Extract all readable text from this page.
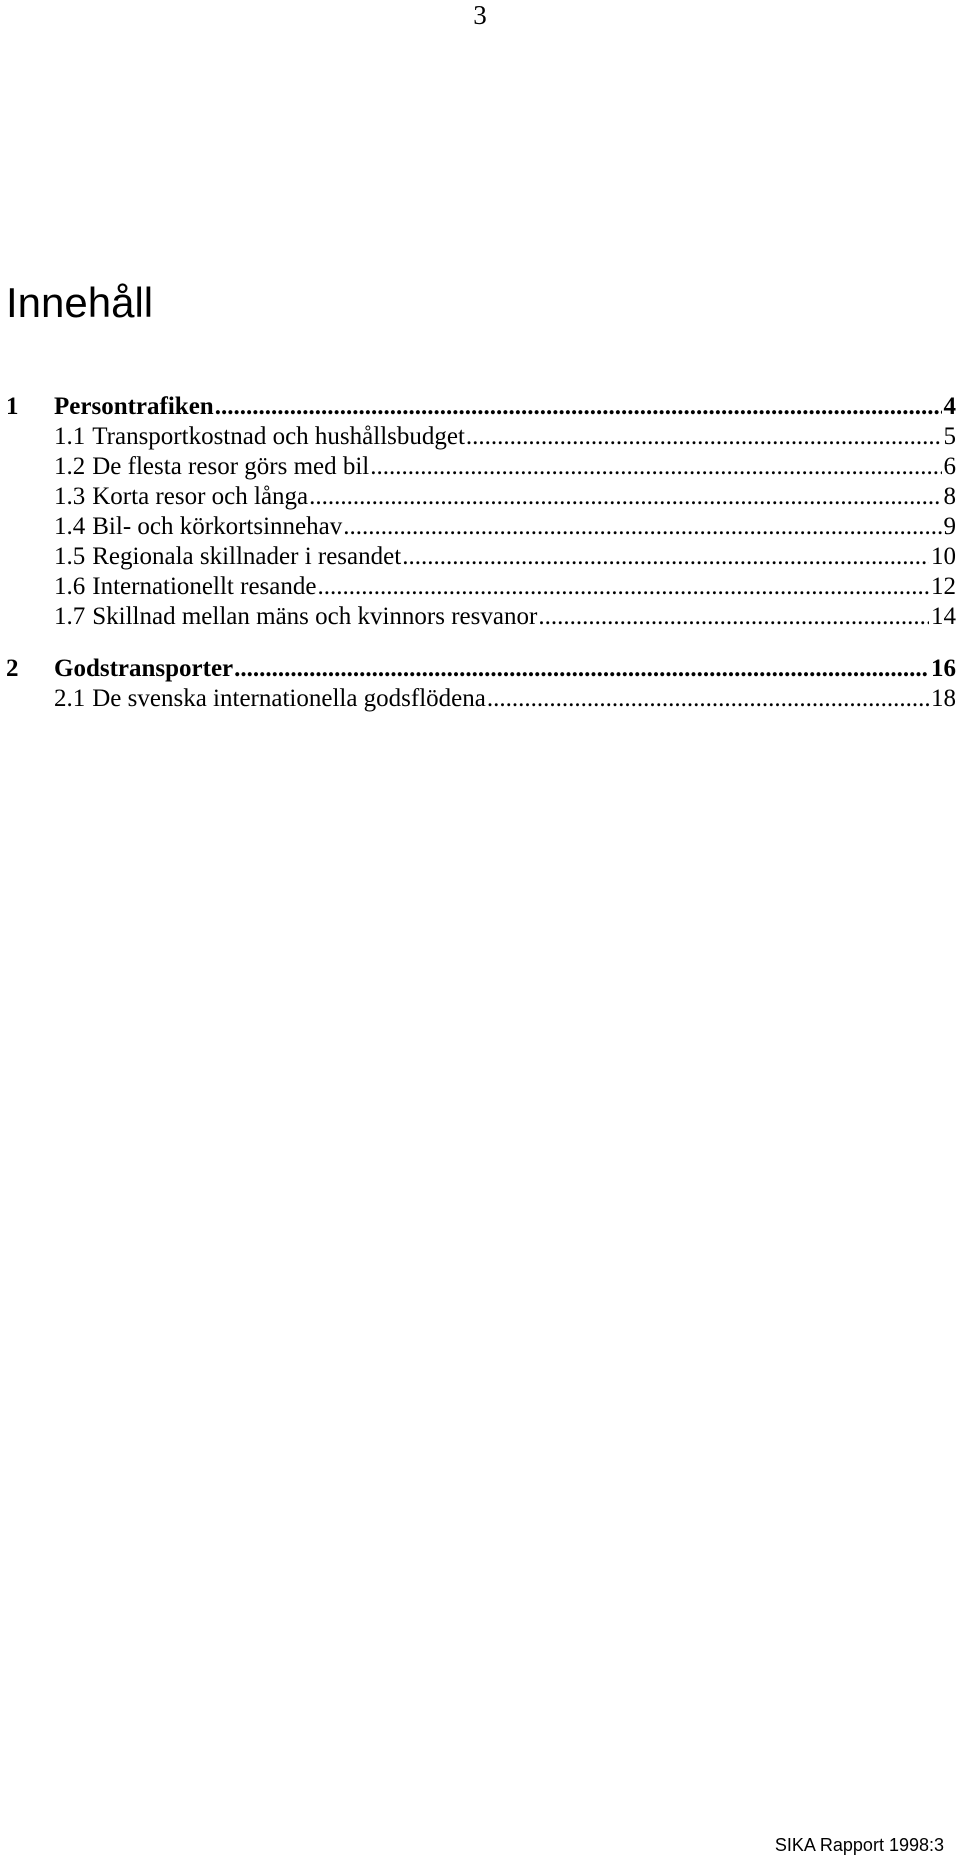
3
Innehåll
1	Persontrafiken .....	4
1.1 Transportkostnad och hushållsbudget .....	5
1.2 De flesta resor görs med bil .....	6
1.3 Korta resor och långa .....	8
1.4 Bil- och körkortsinnehav .....	9
1.5 Regionala skillnader i resandet .....	10
1.6 Internationellt resande .....	12
1.7 Skillnad mellan mäns och kvinnors resvanor .....	14
2	Godstransporter .....	16
2.1 De svenska internationella godsflödena .....	18
SIKA Rapport 1998:3
